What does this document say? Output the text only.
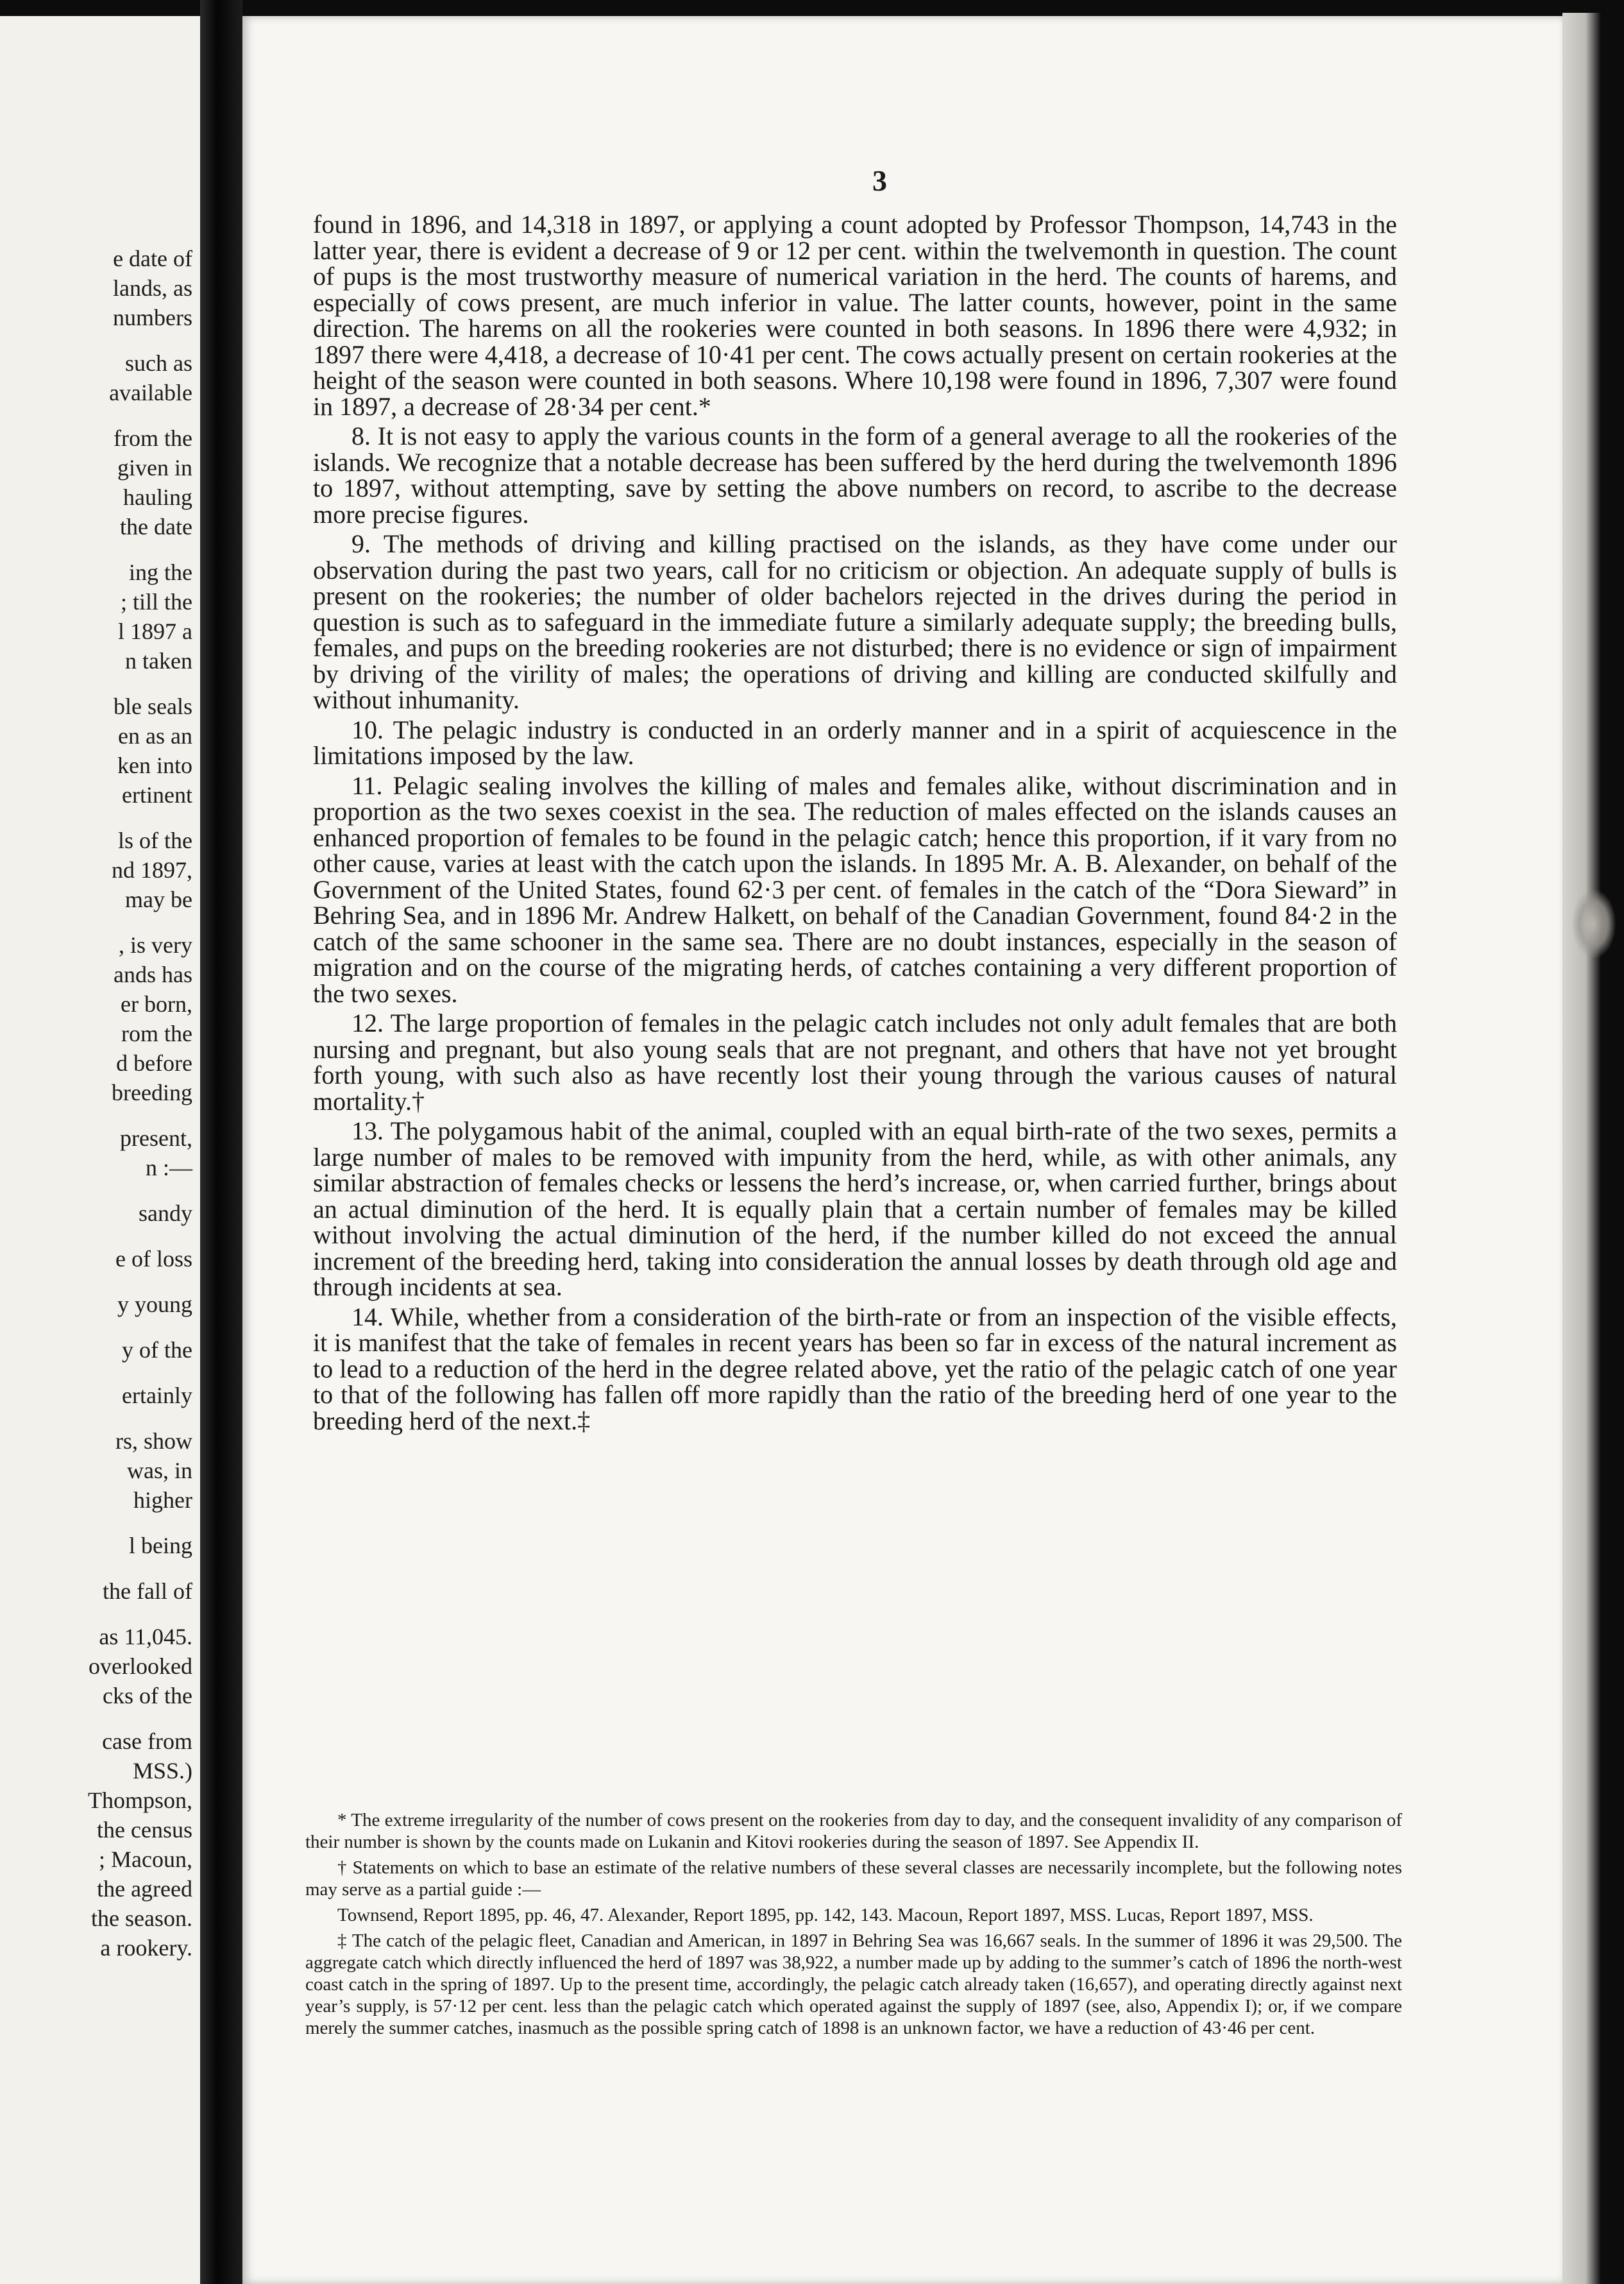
e date of
lands, as
numbers
such as
available
from the
given in
hauling
the date
ing the
; till the
l 1897 a
n taken
ble seals
en as an
ken into
ertinent
ls of the
nd 1897,
may be
, is very
ands has
er born,
rom the
d before
breeding
present,
n :—
sandy
e of loss
y young
y of the
ertainly
rs, show
was, in
higher
l being
the fall of
as 11,045.
overlooked
cks of the
case from
MSS.)
Thompson,
the census
; Macoun,
the agreed
the season.
a rookery.
3

found in 1896, and 14,318 in 1897, or applying a count adopted by Professor Thompson, 14,743 in the latter year, there is evident a decrease of 9 or 12 per cent. within the twelvemonth in question. The count of pups is the most trustworthy measure of numerical variation in the herd. The counts of harems, and especially of cows present, are much inferior in value. The latter counts, however, point in the same direction. The harems on all the rookeries were counted in both seasons. In 1896 there were 4,932; in 1897 there were 4,418, a decrease of 10·41 per cent. The cows actually present on certain rookeries at the height of the season were counted in both seasons. Where 10,198 were found in 1896, 7,307 were found in 1897, a decrease of 28·34 per cent.*

8. It is not easy to apply the various counts in the form of a general average to all the rookeries of the islands. We recognize that a notable decrease has been suffered by the herd during the twelvemonth 1896 to 1897, without attempting, save by setting the above numbers on record, to ascribe to the decrease more precise figures.

9. The methods of driving and killing practised on the islands, as they have come under our observation during the past two years, call for no criticism or objection. An adequate supply of bulls is present on the rookeries; the number of older bachelors rejected in the drives during the period in question is such as to safeguard in the immediate future a similarly adequate supply; the breeding bulls, females, and pups on the breeding rookeries are not disturbed; there is no evidence or sign of impairment by driving of the virility of males; the operations of driving and killing are conducted skilfully and without inhumanity.

10. The pelagic industry is conducted in an orderly manner and in a spirit of acquiescence in the limitations imposed by the law.

11. Pelagic sealing involves the killing of males and females alike, without discrimination and in proportion as the two sexes coexist in the sea. The reduction of males effected on the islands causes an enhanced proportion of females to be found in the pelagic catch; hence this proportion, if it vary from no other cause, varies at least with the catch upon the islands. In 1895 Mr. A. B. Alexander, on behalf of the Government of the United States, found 62·3 per cent. of females in the catch of the “Dora Sieward” in Behring Sea, and in 1896 Mr. Andrew Halkett, on behalf of the Canadian Government, found 84·2 in the catch of the same schooner in the same sea. There are no doubt instances, especially in the season of migration and on the course of the migrating herds, of catches containing a very different proportion of the two sexes.

12. The large proportion of females in the pelagic catch includes not only adult females that are both nursing and pregnant, but also young seals that are not pregnant, and others that have not yet brought forth young, with such also as have recently lost their young through the various causes of natural mortality.†

13. The polygamous habit of the animal, coupled with an equal birth-rate of the two sexes, permits a large number of males to be removed with impunity from the herd, while, as with other animals, any similar abstraction of females checks or lessens the herd’s increase, or, when carried further, brings about an actual diminution of the herd. It is equally plain that a certain number of females may be killed without involving the actual diminution of the herd, if the number killed do not exceed the annual increment of the breeding herd, taking into consideration the annual losses by death through old age and through incidents at sea.

14. While, whether from a consideration of the birth-rate or from an inspection of the visible effects, it is manifest that the take of females in recent years has been so far in excess of the natural increment as to lead to a reduction of the herd in the degree related above, yet the ratio of the pelagic catch of one year to that of the following has fallen off more rapidly than the ratio of the breeding herd of one year to the breeding herd of the next.‡

* The extreme irregularity of the number of cows present on the rookeries from day to day, and the consequent invalidity of any comparison of their number is shown by the counts made on Lukanin and Kitovi rookeries during the season of 1897. See Appendix II.

† Statements on which to base an estimate of the relative numbers of these several classes are necessarily incomplete, but the following notes may serve as a partial guide :—

Townsend, Report 1895, pp. 46, 47. Alexander, Report 1895, pp. 142, 143. Macoun, Report 1897, MSS. Lucas, Report 1897, MSS.

‡ The catch of the pelagic fleet, Canadian and American, in 1897 in Behring Sea was 16,667 seals. In the summer of 1896 it was 29,500. The aggregate catch which directly influenced the herd of 1897 was 38,922, a number made up by adding to the summer’s catch of 1896 the north-west coast catch in the spring of 1897. Up to the present time, accordingly, the pelagic catch already taken (16,657), and operating directly against next year’s supply, is 57·12 per cent. less than the pelagic catch which operated against the supply of 1897 (see, also, Appendix I); or, if we compare merely the summer catches, inasmuch as the possible spring catch of 1898 is an unknown factor, we have a reduction of 43·46 per cent.
